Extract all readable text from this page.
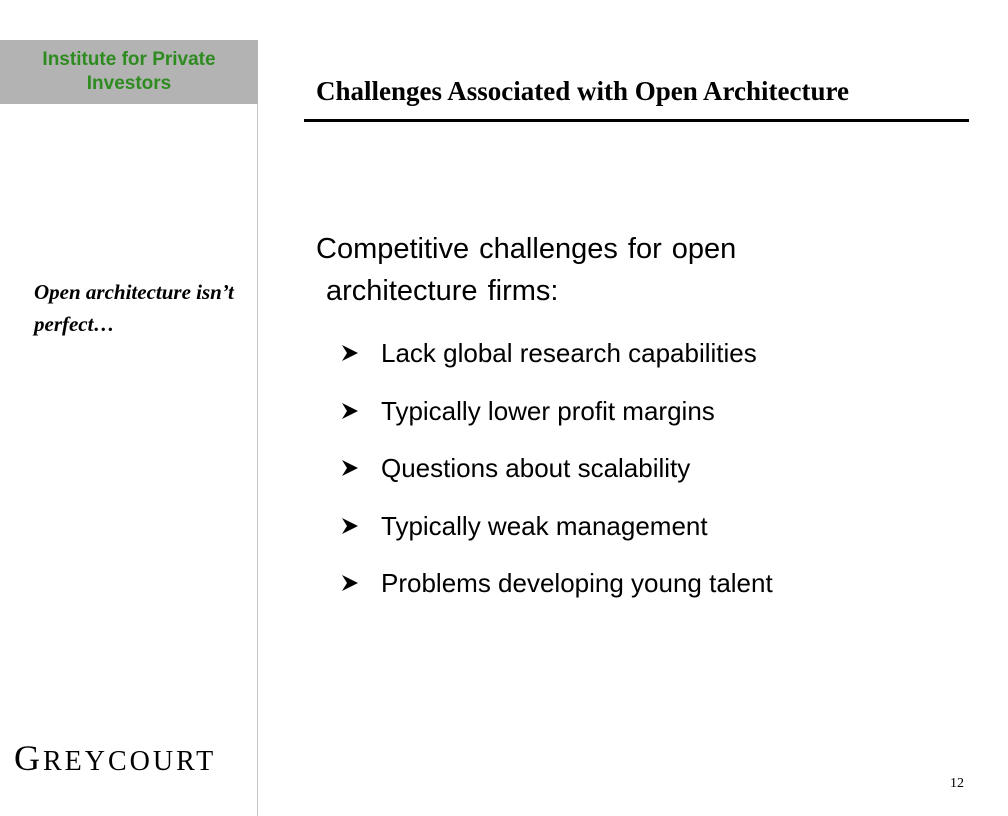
Institute for Private Investors
Open architecture isn’t perfect…
GREYCOURT
Challenges Associated with Open Architecture
Competitive challenges for open
architecture firms:
Lack global research capabilities
Typically lower profit margins
Questions about scalability
Typically weak management
Problems developing young talent
12
